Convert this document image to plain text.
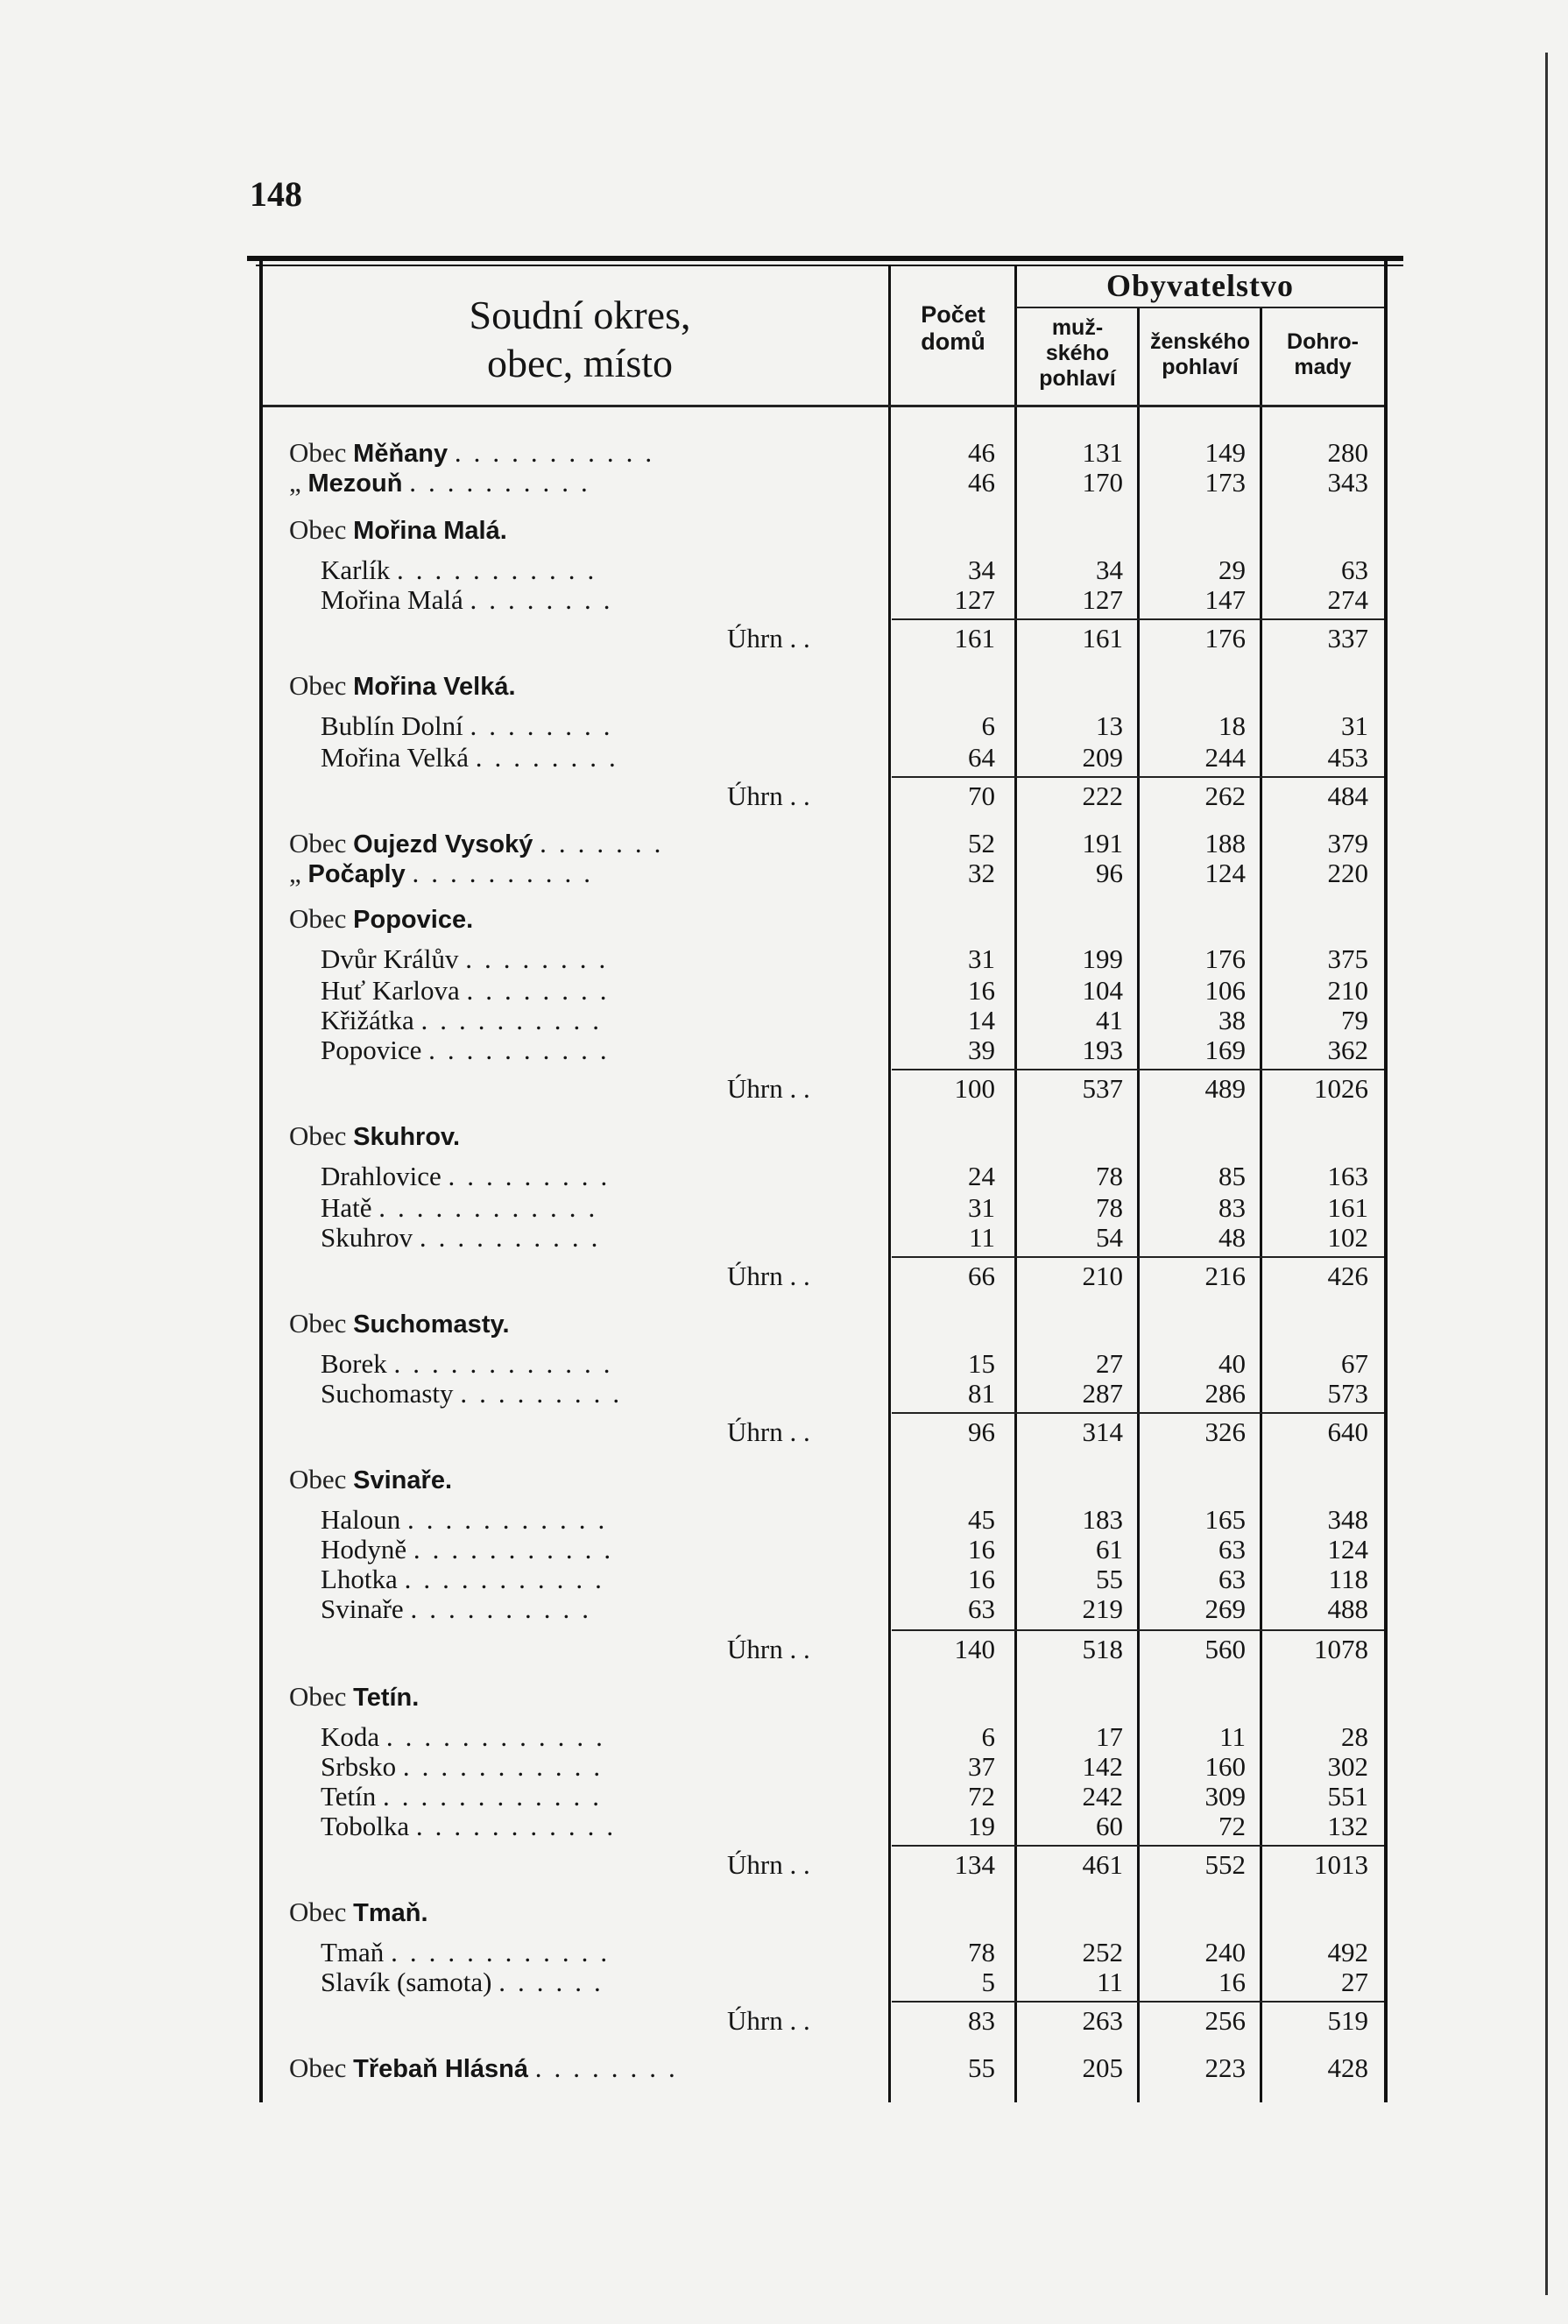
148
Soudní okres,
obec, místo
Počet
domů
Obyvatelstvo
muž-
ského
pohlaví
ženského
pohlaví
Dohro-
mady
Obec Měňany ...........	46	131	149	280
„ Mezouň ..........	46	170	173	343
Obec Mořina Malá.
Karlík ...........	34	34	29	63
Mořina Malá ........	127	127	147	274
Úhrn . .	161	161	176	337
Obec Mořina Velká.
Bublín Dolní ........	6	13	18	31
Mořina Velká ........	64	209	244	453
Úhrn . .	70	222	262	484
Obec Oujezd Vysoký .......	52	191	188	379
„ Počaply ..........	32	96	124	220
Obec Popovice.
Dvůr Králův ........	31	199	176	375
Huť Karlova ........	16	104	106	210
Křižátka ..........	14	41	38	79
Popovice ..........	39	193	169	362
Úhrn . .	100	537	489	1026
Obec Skuhrov.
Drahlovice .........	24	78	85	163
Hatě ............	31	78	83	161
Skuhrov ..........	11	54	48	102
Úhrn . .	66	210	216	426
Obec Suchomasty.
Borek ............	15	27	40	67
Suchomasty .........	81	287	286	573
Úhrn . .	96	314	326	640
Obec Svinaře.
Haloun ...........	45	183	165	348
Hodyně ...........	16	61	63	124
Lhotka ...........	16	55	63	118
Svinaře ..........	63	219	269	488
Úhrn . .	140	518	560	1078
Obec Tetín.
Koda ............	6	17	11	28
Srbsko ...........	37	142	160	302
Tetín ............	72	242	309	551
Tobolka ...........	19	60	72	132
Úhrn . .	134	461	552	1013
Obec Tmaň.
Tmaň ............	78	252	240	492
Slavík (samota) ......	5	11	16	27
Úhrn . .	83	263	256	519
Obec Třebaň Hlásná ........	55	205	223	428
